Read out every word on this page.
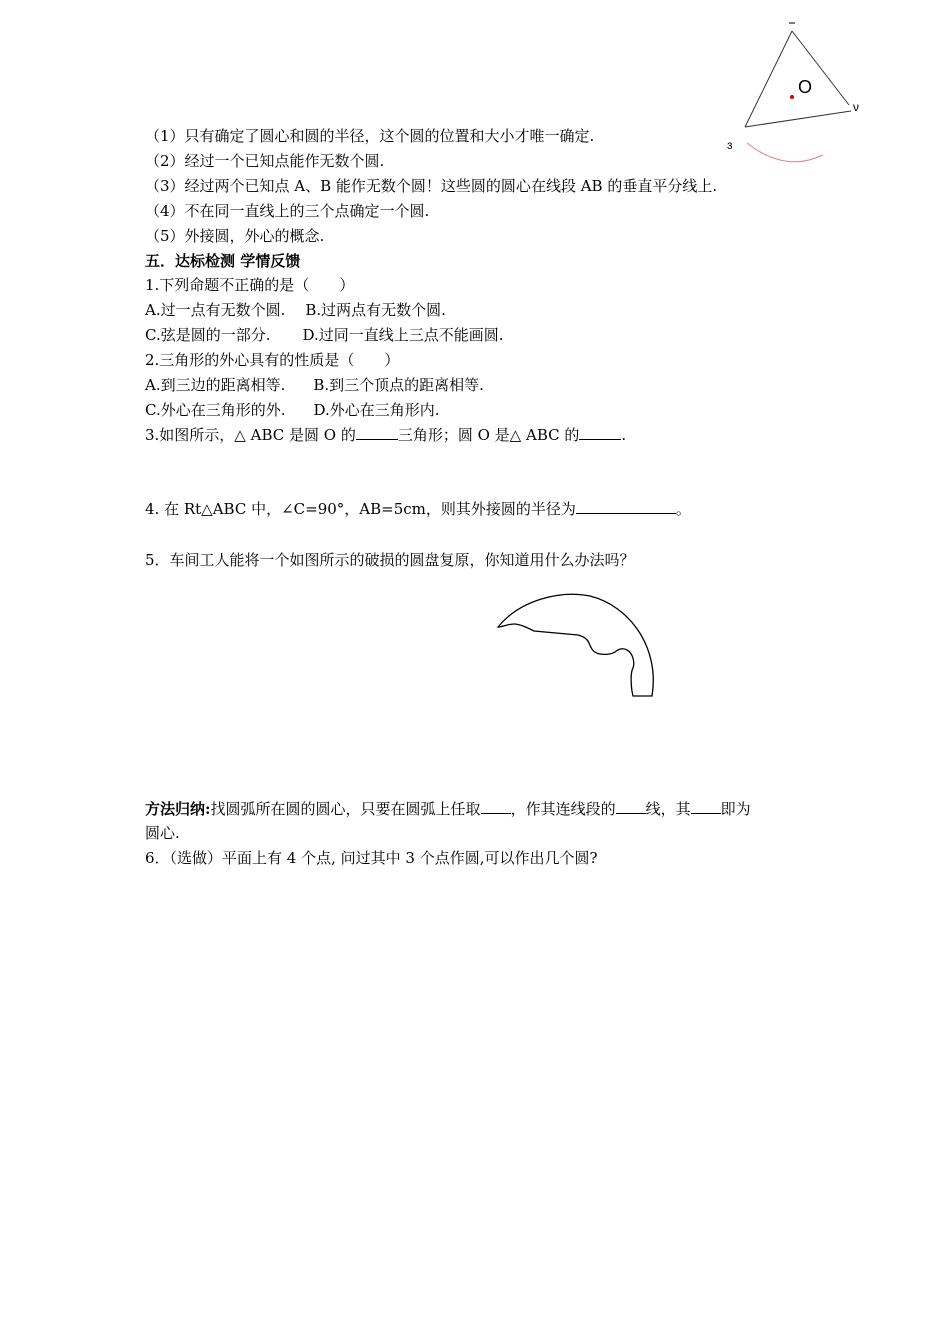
O
ν
ɜ
（1）只有确定了圆心和圆的半径，这个圆的位置和大小才唯一确定.
（2）经过一个已知点能作无数个圆.
（3）经过两个已知点 A、B 能作无数个圆！这些圆的圆心在线段 AB 的垂直平分线上.
（4）不在同一直线上的三个点确定一个圆.
（5）外接圆，外心的概念.
五．达标检测 学情反馈
1.下列命题不正确的是（　　）
A.过一点有无数个圆. B.过两点有无数个圆.
C.弦是圆的一部分. D.过同一直线上三点不能画圆.
2.三角形的外心具有的性质是（　　）
A.到三边的距离相等. B.到三个顶点的距离相等.
C.外心在三角形的外. D.外心在三角形内.
3.如图所示，△ ABC 是圆 O 的	三角形；圆 O 是△ ABC 的	.
4. 在 Rt△ABC 中，∠C=90°，AB=5cm，则其外接圆的半径为	。
5．车间工人能将一个如图所示的破损的圆盘复原，你知道用什么办法吗？
方法归纳:找圆弧所在圆的圆心，只要在圆弧上任取 ，作其连线段的 线，其 即为
圆心.
6．（选做）平面上有 4 个点, 问过其中 3 个点作圆,可以作出几个圆?
